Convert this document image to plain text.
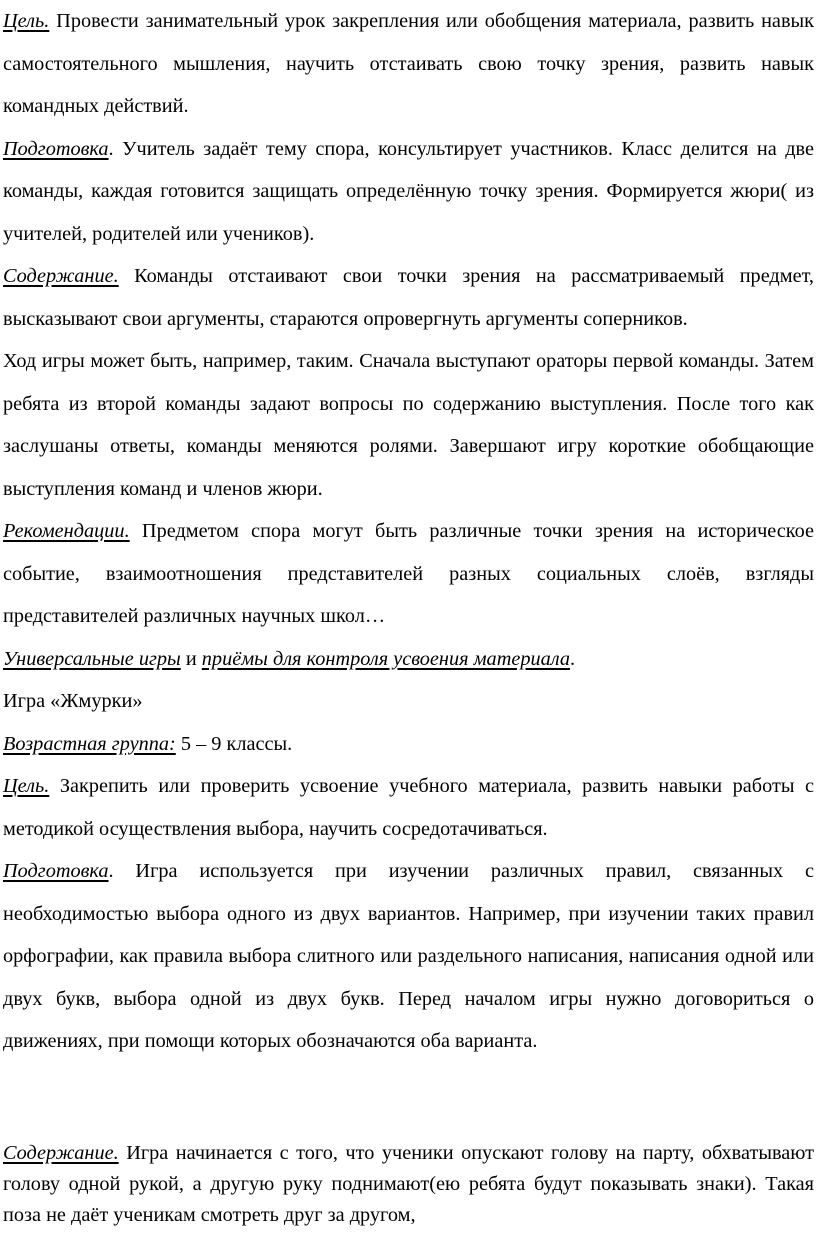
Цель. Провести занимательный урок закрепления или обобщения материала, развить навык самостоятельного мышления, научить отстаивать свою точку зрения, развить навык командных действий.

Подготовка. Учитель задаёт тему спора, консультирует участников. Класс делится на две команды, каждая готовится защищать определённую точку зрения. Формируется жюри( из учителей, родителей или учеников).

Содержание. Команды отстаивают свои точки зрения на рассматриваемый предмет, высказывают свои аргументы, стараются опровергнуть аргументы соперников.

Ход игры может быть, например, таким. Сначала выступают ораторы первой команды. Затем ребята из второй команды задают вопросы по содержанию выступления. После того как заслушаны ответы, команды меняются ролями. Завершают игру короткие обобщающие выступления команд и членов жюри.

Рекомендации. Предметом спора могут быть различные точки зрения на историческое событие, взаимоотношения представителей разных социальных слоёв, взгляды представителей различных научных школ…

Универсальные игры и приёмы для контроля усвоения материала.

Игра «Жмурки»

Возрастная группа: 5 – 9 классы.

Цель. Закрепить или проверить усвоение учебного материала, развить навыки работы с методикой осуществления выбора, научить сосредотачиваться.

Подготовка. Игра используется при изучении различных правил, связанных с необходимостью выбора одного из двух вариантов. Например, при изучении таких правил орфографии, как правила выбора слитного или раздельного написания, написания одной или двух букв, выбора одной из двух букв. Перед началом игры нужно договориться о движениях, при помощи которых обозначаются оба варианта.

Содержание. Игра начинается с того, что ученики опускают голову на парту, обхватывают голову одной рукой, а другую руку поднимают(ею ребята будут показывать знаки). Такая поза не даёт ученикам смотреть друг за другом,
